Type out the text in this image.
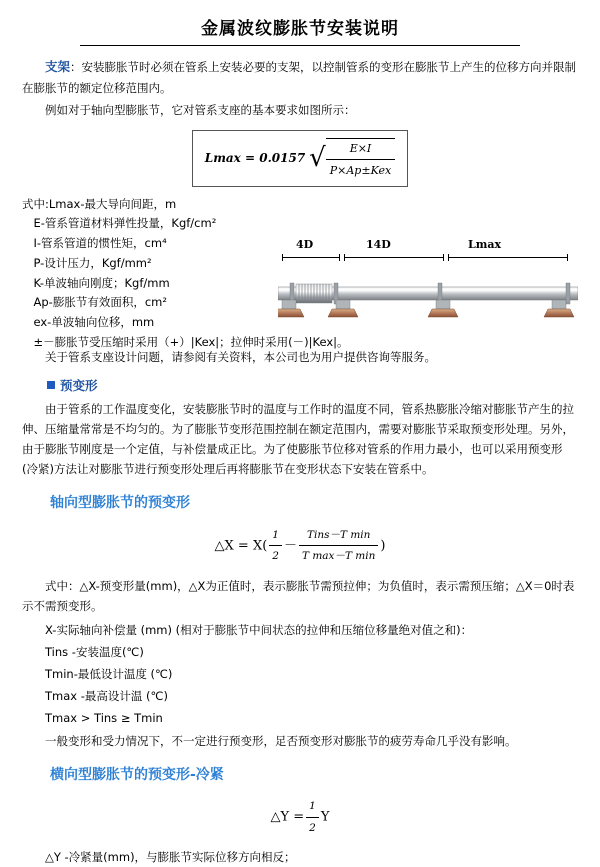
金属波纹膨胀节安装说明
支架：安装膨胀节时必须在管系上安装必要的支架，以控制管系的变形在膨胀节上产生的位移方向并限制在膨胀节的额定位移范围内。

例如对于轴向型膨胀节，它对管系支座的基本要求如图所示：

Lmax = 0.0157 √ $\frac{E\times I}{\text{P×Ap±Kex}}$

式中:Lmax-最大导向间距，m

E-管系管道材料弹性投量，Kgf/cm²

I-管系管道的惯性矩，cm⁴

P-设计压力，Kgf/mm²

K-单波轴向刚度；Kgf/mm

Ap-膨胀节有效面积，cm²

ex-单波轴向位移，mm

±－膨胀节受压缩时采用（+）|Kex|；拉伸时采用(－)|Kex|。

4D	14D	Lmax

关于管系支座设计问题，请参阅有关资料，本公司也为用户提供咨询等服务。

预变形

由于管系的工作温度变化，安装膨胀节时的温度与工作时的温度不同，管系热膨胀冷缩对膨胀节产生的拉伸、压缩量常常是不均匀的。为了膨胀节变形范围控制在额定范围内，需要对膨胀节采取预变形处理。另外，由于膨胀节刚度是一个定值，与补偿量成正比。为了使膨胀节位移对管系的作用力最小，也可以采用预变形(冷紧)方法让对膨胀节进行预变形处理后再将膨胀节在变形状态下安装在管系中。

轴向型膨胀节的预变形
△X = $X( \frac{1}{2} - \frac{\text{Tins－T min}}{\text{T max－T min}}$ )

式中：△X-预变形量(mm)，△X为正值时，表示膨胀节需预拉伸；为负值时，表示需预压缩；△X＝0时表示不需预变形。

X-实际轴向补偿量 (mm) (相对于膨胀节中间状态的拉伸和压缩位移量绝对值之和)：

Tins -安装温度(℃)

Tmin-最低设计温度 (℃)

Tmax -最高设计温 (℃)

Tmax > Tins ≥ Tmin

一般变形和受力情况下，不一定进行预变形，足否预变形对膨胀节的疲劳寿命几乎没有影响。

横向型膨胀节的预变形-冷紧
△Y = $\frac{1}{2}$ Y

△Y -冷紧量(mm)，与膨胀节实际位移方向相反；
